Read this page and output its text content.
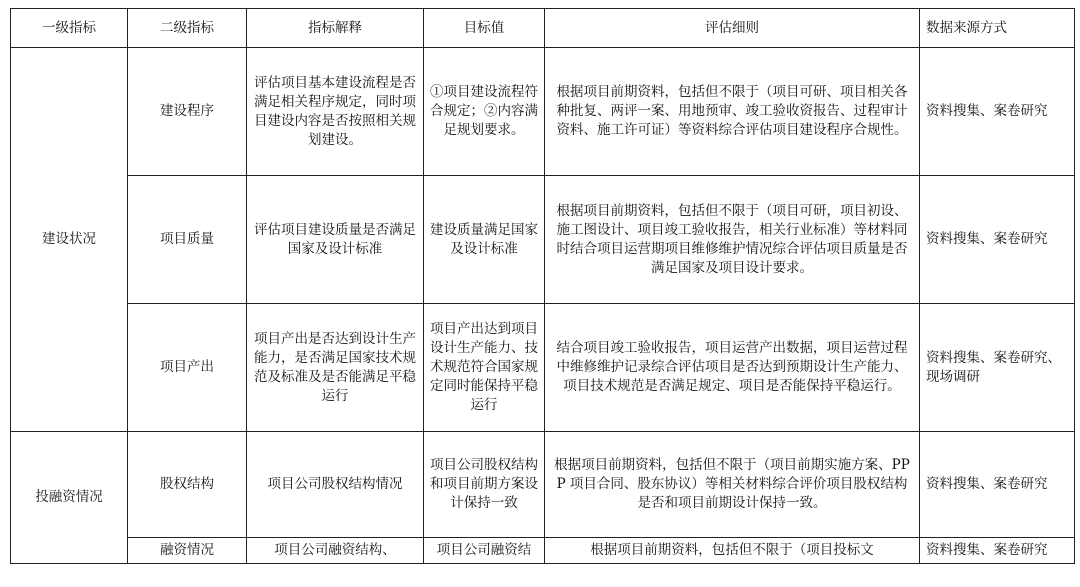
一级指标	二级指标	指标解释	目标值	评估细则	数据来源方式
建设状况	建设程序	评估项目基本建设流程是否满足相关程序规定，同时项目建设内容是否按照相关规划建设。	①项目建设流程符合规定；②内容满足规划要求。	根据项目前期资料，包括但不限于（项目可研、项目相关各种批复、两评一案、用地预审、竣工验收资报告、过程审计资料、施工许可证）等资料综合评估项目建设程序合规性。	资料搜集、案卷研究
	项目质量	评估项目建设质量是否满足国家及设计标准	建设质量满足国家及设计标准	根据项目前期资料，包括但不限于（项目可研，项目初设、施工图设计、项目竣工验收报告，相关行业标准）等材料同时结合项目运营期项目维修维护情况综合评估项目质量是否满足国家及项目设计要求。	资料搜集、案卷研究
	项目产出	项目产出是否达到设计生产能力，是否满足国家技术规范及标准及是否能满足平稳运行	项目产出达到项目设计生产能力、技术规范符合国家规定同时能保持平稳运行	结合项目竣工验收报告，项目运营产出数据，项目运营过程中维修维护记录综合评估项目是否达到预期设计生产能力、项目技术规范是否满足规定、项目是否能保持平稳运行。	资料搜集、案卷研究、现场调研
投融资情况	股权结构	项目公司股权结构情况	项目公司股权结构和项目前期方案设计保持一致	根据项目前期资料，包括但不限于（项目前期实施方案、PPP 项目合同、股东协议）等相关材料综合评价项目股权结构是否和项目前期设计保持一致。	资料搜集、案卷研究

	融资情况	项目公司融资结构、	项目公司融资结	根据项目前期资料，包括但不限于（项目投标文	资料搜集、案卷研究
